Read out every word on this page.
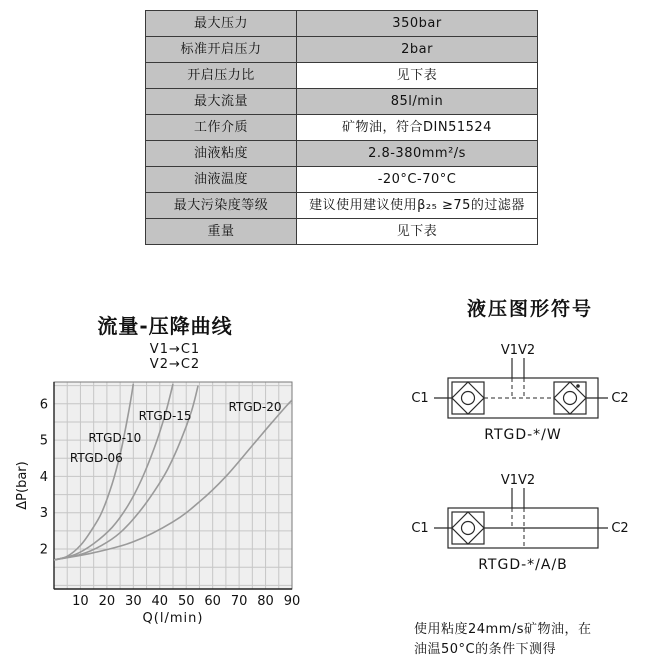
最大压力	350bar
标准开启压力	2bar
开启压力比	见下表
最大流量	85l/min
工作介质	矿物油，符合DIN51524
油液粘度	2.8-380mm²/s
油液温度	-20°C-70°C
最大污染度等级	建议使用建议使用β₂₅ ≥75的过滤器
重量	见下表
流量-压降曲线
V1→C1
V2→C2
RTGD-06
RTGD-10
RTGD-15
RTGD-20
2
3
4
5
6
10 20 30 40 50 60 70 80 90
Q(l/min)
ΔP(bar)
液压图形符号
V1V2
C1	C2
RTGD-*/W
V1V2
C1	C2
RTGD-*/A/B
使用粘度24mm/s矿物油，在
油温50°C的条件下测得
